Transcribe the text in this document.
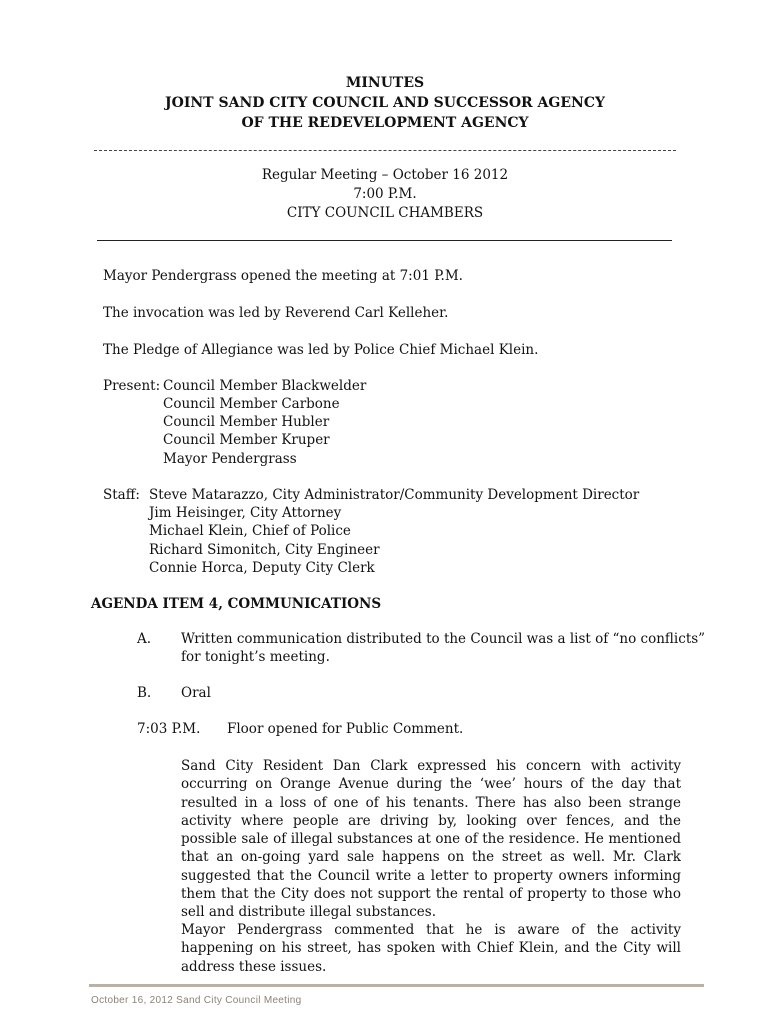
MINUTES
JOINT SAND CITY COUNCIL AND SUCCESSOR AGENCY
OF THE REDEVELOPMENT AGENCY
Regular Meeting – October 16 2012
7:00 P.M.
CITY COUNCIL CHAMBERS
Mayor Pendergrass opened the meeting at 7:01 P.M.
The invocation was led by Reverend Carl Kelleher.
The Pledge of Allegiance was led by Police Chief Michael Klein.
Present: Council Member Blackwelder
Council Member Carbone
Council Member Hubler
Council Member Kruper
Mayor Pendergrass
Staff: Steve Matarazzo, City Administrator/Community Development Director
Jim Heisinger, City Attorney
Michael Klein, Chief of Police
Richard Simonitch, City Engineer
Connie Horca, Deputy City Clerk
AGENDA ITEM 4, COMMUNICATIONS
A. Written communication distributed to the Council was a list of “no conflicts”
for tonight’s meeting.
B. Oral
7:03 P.M. Floor opened for Public Comment.
Sand City Resident Dan Clark expressed his concern with activity occurring on Orange Avenue during the ‘wee’ hours of the day that resulted in a loss of one of his tenants. There has also been strange activity where people are driving by, looking over fences, and the possible sale of illegal substances at one of the residence. He mentioned that an on-going yard sale happens on the street as well. Mr. Clark suggested that the Council write a letter to property owners informing them that the City does not support the rental of property to those who sell and distribute illegal substances.
Mayor Pendergrass commented that he is aware of the activity happening on his street, has spoken with Chief Klein, and the City will address these issues.
October 16, 2012 Sand City Council Meeting
